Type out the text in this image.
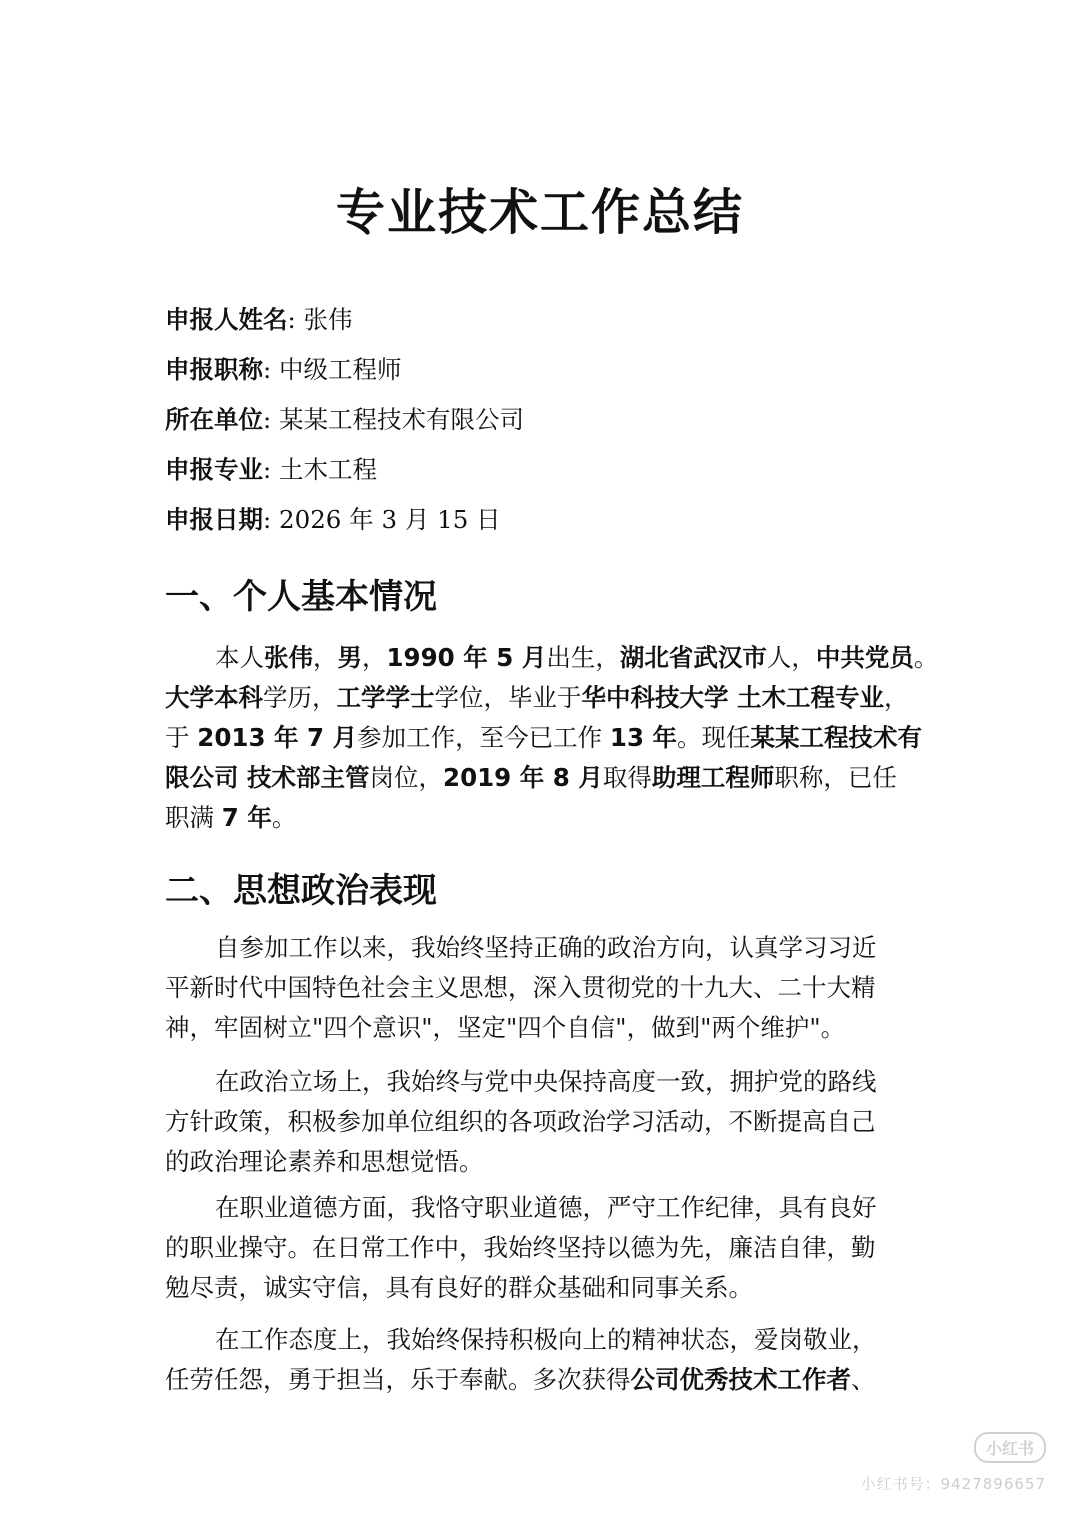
专业技术工作总结
申报人姓名: 张伟
申报职称: 中级工程师
所在单位: 某某工程技术有限公司
申报专业: 土木工程
申报日期: 2026 年 3 月 15 日
一、个人基本情况
本人张伟，男，1990 年 5 月出生，湖北省武汉市人，中共党员。
大学本科学历，工学学士学位，毕业于华中科技大学 土木工程专业，
于 2013 年 7 月参加工作，至今已工作 13 年。现任某某工程技术有
限公司 技术部主管岗位，2019 年 8 月取得助理工程师职称，已任
职满 7 年。
二、思想政治表现
自参加工作以来，我始终坚持正确的政治方向，认真学习习近
平新时代中国特色社会主义思想，深入贯彻党的十九大、二十大精
神，牢固树立"四个意识"，坚定"四个自信"，做到"两个维护"。
在政治立场上，我始终与党中央保持高度一致，拥护党的路线
方针政策，积极参加单位组织的各项政治学习活动，不断提高自己
的政治理论素养和思想觉悟。
在职业道德方面，我恪守职业道德，严守工作纪律，具有良好
的职业操守。在日常工作中，我始终坚持以德为先，廉洁自律，勤
勉尽责，诚实守信，具有良好的群众基础和同事关系。
在工作态度上，我始终保持积极向上的精神状态，爱岗敬业，
任劳任怨，勇于担当，乐于奉献。多次获得公司优秀技术工作者、
小红书
小红书号：9427896657
